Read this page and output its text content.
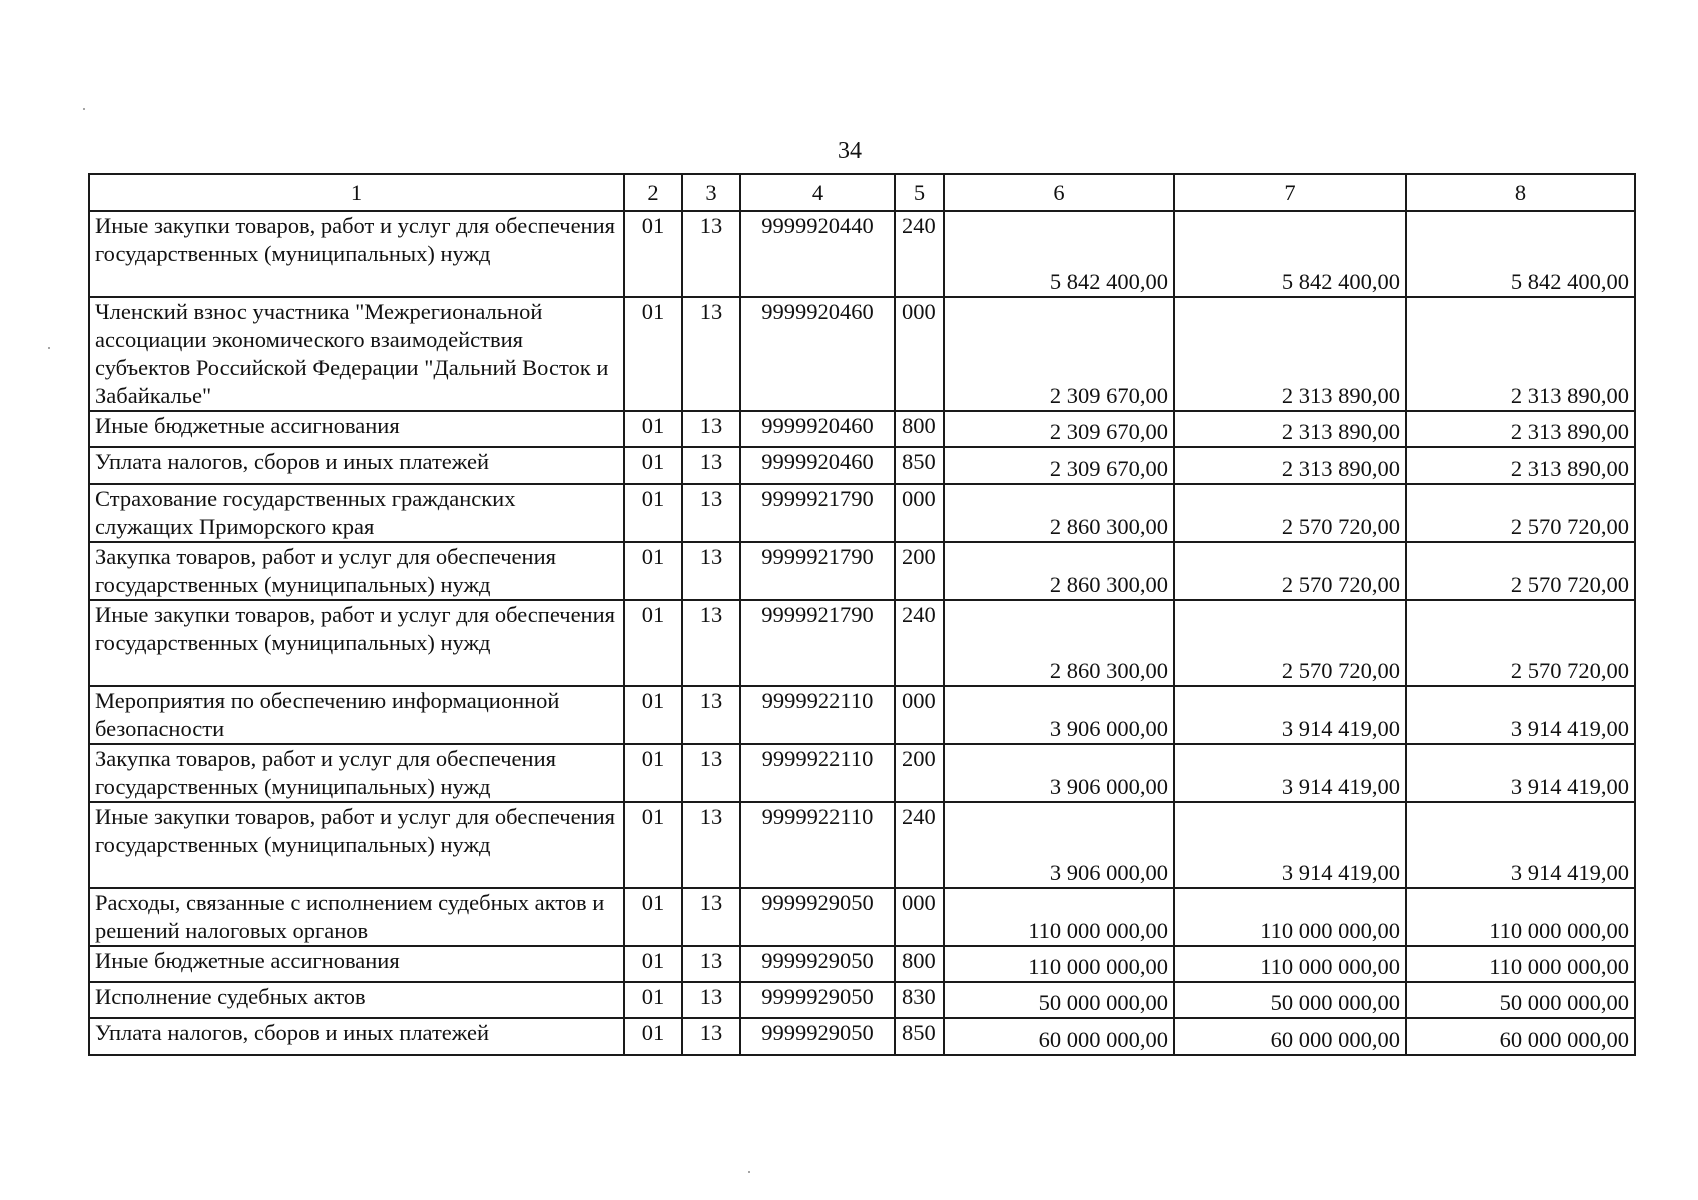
34
1	2	3	4	5	6	7	8
Иные закупки товаров, работ и услуг для обеспечения государственных (муниципальных) нужд	01	13	9999920440	240	5 842 400,00	5 842 400,00	5 842 400,00
Членский взнос участника "Межрегиональной ассоциации экономического взаимодействия субъектов Российской Федерации "Дальний Восток и Забайкалье"	01	13	9999920460	000	2 309 670,00	2 313 890,00	2 313 890,00
Иные бюджетные ассигнования	01	13	9999920460	800	2 309 670,00	2 313 890,00	2 313 890,00
Уплата налогов, сборов и иных платежей	01	13	9999920460	850	2 309 670,00	2 313 890,00	2 313 890,00
Страхование государственных гражданских служащих Приморского края	01	13	9999921790	000	2 860 300,00	2 570 720,00	2 570 720,00
Закупка товаров, работ и услуг для обеспечения государственных (муниципальных) нужд	01	13	9999921790	200	2 860 300,00	2 570 720,00	2 570 720,00
Иные закупки товаров, работ и услуг для обеспечения государственных (муниципальных) нужд	01	13	9999921790	240	2 860 300,00	2 570 720,00	2 570 720,00
Мероприятия по обеспечению информационной безопасности	01	13	9999922110	000	3 906 000,00	3 914 419,00	3 914 419,00
Закупка товаров, работ и услуг для обеспечения государственных (муниципальных) нужд	01	13	9999922110	200	3 906 000,00	3 914 419,00	3 914 419,00
Иные закупки товаров, работ и услуг для обеспечения государственных (муниципальных) нужд	01	13	9999922110	240	3 906 000,00	3 914 419,00	3 914 419,00
Расходы, связанные с исполнением судебных актов и решений налоговых органов	01	13	9999929050	000	110 000 000,00	110 000 000,00	110 000 000,00
Иные бюджетные ассигнования	01	13	9999929050	800	110 000 000,00	110 000 000,00	110 000 000,00
Исполнение судебных актов	01	13	9999929050	830	50 000 000,00	50 000 000,00	50 000 000,00
Уплата налогов, сборов и иных платежей	01	13	9999929050	850	60 000 000,00	60 000 000,00	60 000 000,00
